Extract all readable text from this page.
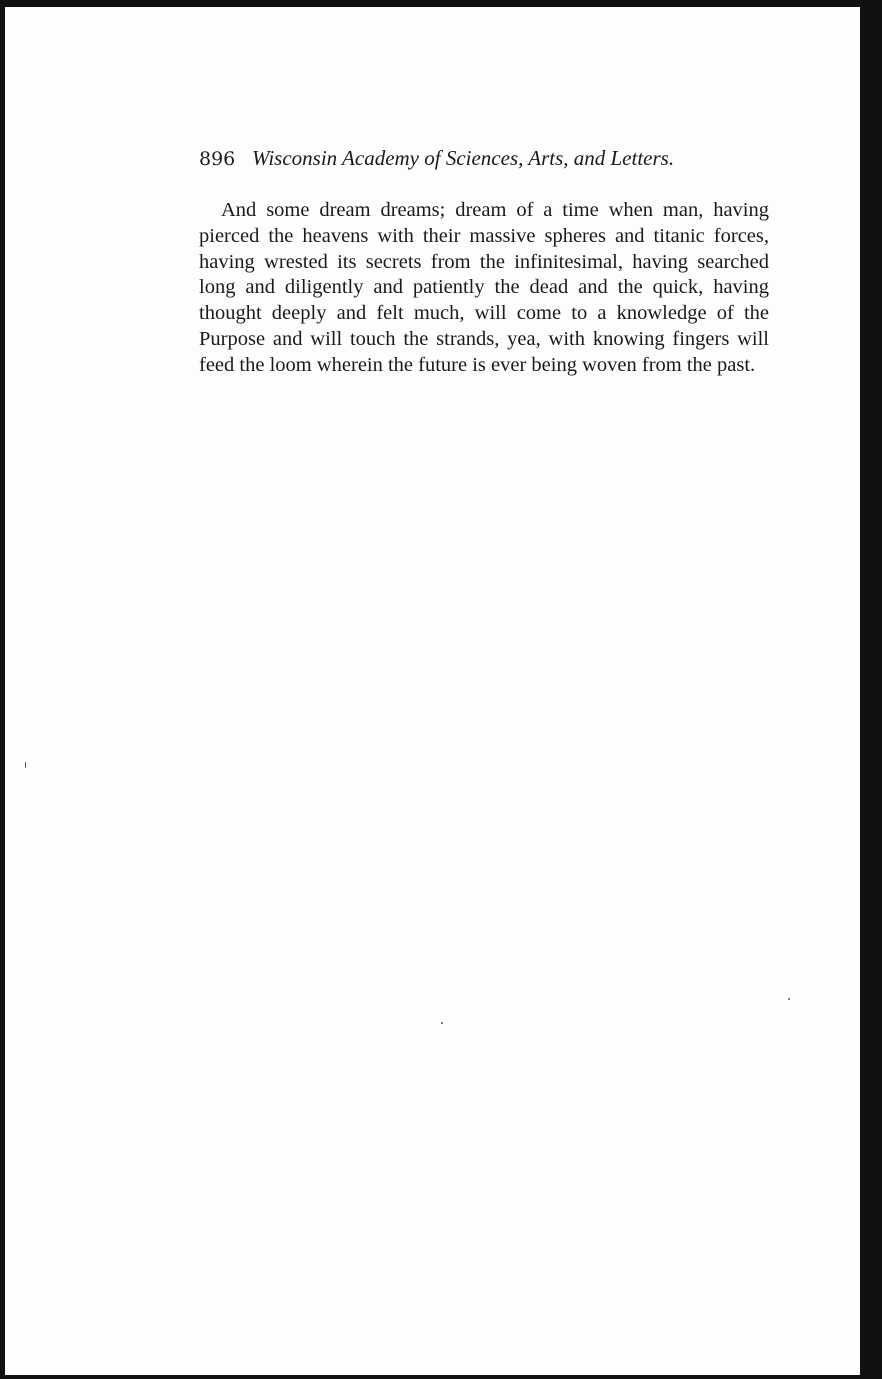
896 Wisconsin Academy of Sciences, Arts, and Letters.

And some dream dreams; dream of a time when man, having pierced the heavens with their massive spheres and titanic forces, having wrested its secrets from the infinitesimal, having searched long and diligently and patiently the dead and the quick, having thought deeply and felt much, will come to a knowledge of the Purpose and will touch the strands, yea, with knowing fingers will feed the loom wherein the future is ever being woven from the past.
